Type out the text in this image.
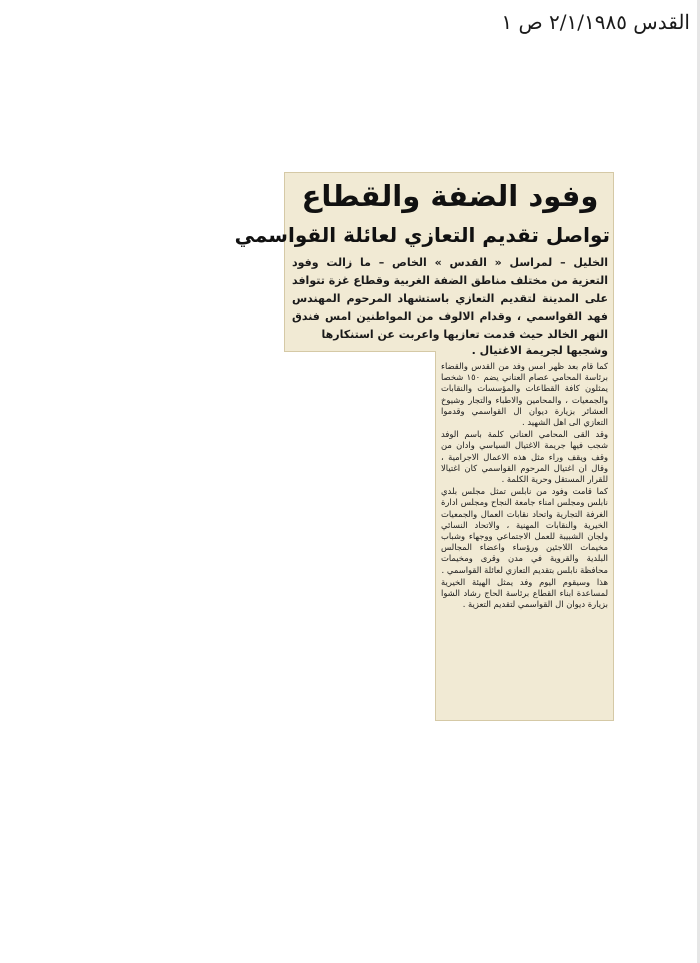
القدس ٢/١/١٩٨٥ ص ١
وفود الضفة والقطاع
تواصل تقديم التعازي لعائلة القواسمي
الخليل – لمراسل « القدس » الخاص – ما زالت وفود التعزية من مختلف مناطق الضفة الغربية وقطاع غزة تتوافد على المدينة لتقديم التعازي باستشهاد المرحوم المهندس فهد القواسمي ، وقدام الالوف من المواطنين امس فندق النهر الخالد حيث قدمت تعازيها واعربت عن استنكارها
وشجبها لجريمة الاغتيال .

كما قام بعد ظهر امس وفد من القدس والقضاء برئاسة المحامي عصام العناني يضم ١٥٠ شخصا يمثلون كافة القطاعات والمؤسسات والنقابات والجمعيات ، والمحامين والاطباء والتجار وشيوخ العشائر بزيارة ديوان ال القواسمي وقدموا التعازي الى اهل الشهيد .

وقد القى المحامي العناني كلمة باسم الوفد شجب فيها جريمة الاغتيال السياسي وادان من وقف ويقف وراء مثل هذه الاعمال الاجرامية ، وقال ان اغتيال المرحوم القواسمي كان اغتيالا للقرار المستقل وحرية الكلمة .

كما قامت وفود من نابلس تمثل مجلس بلدي نابلس ومجلس امناء جامعة النجاح ومجلس ادارة الغرفة التجارية واتحاد نقابات العمال والجمعيات الخيرية والنقابات المهنية ، والاتحاد النسائي ولجان الشبيبة للعمل الاجتماعي ووجهاء وشباب مخيمات اللاجئين ورؤساء واعضاء المجالس البلدية والقروية في مدن وقرى ومخيمات محافظة نابلس بتقديم التعازي لعائلة القواسمي .

هذا وسيقوم اليوم وفد يمثل الهيئة الخيرية لمساعدة ابناء القطاع برئاسة الحاج رشاد الشوا بزيارة ديوان ال القواسمي لتقديم التعزية .
